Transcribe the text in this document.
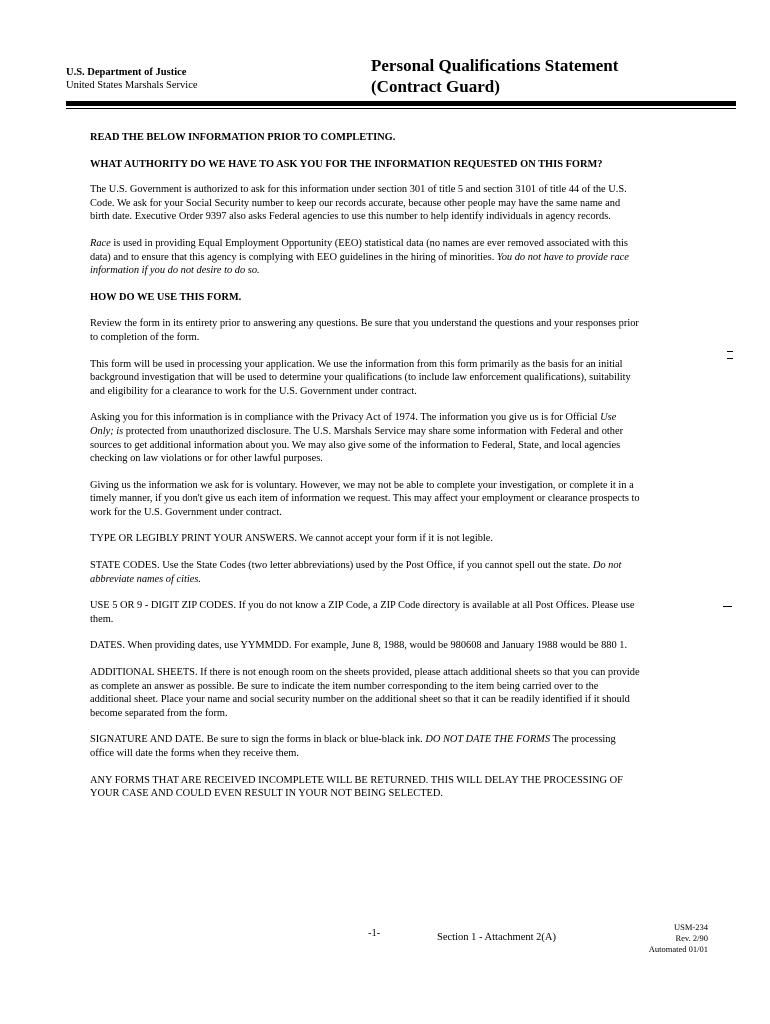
U.S. Department of Justice
United States Marshals Service
Personal Qualifications Statement
(Contract Guard)

READ THE BELOW INFORMATION PRIOR TO COMPLETING.

WHAT AUTHORITY DO WE HAVE TO ASK YOU FOR THE INFORMATION REQUESTED ON THIS FORM?

The U.S. Government is authorized to ask for this information under section 301 of title 5 and section 3101 of title 44 of the U.S. Code. We ask for your Social Security number to keep our records accurate, because other people may have the same name and birth date. Executive Order 9397 also asks Federal agencies to use this number to help identify individuals in agency records.

Race is used in providing Equal Employment Opportunity (EEO) statistical data (no names are ever removed associated with this data) and to ensure that this agency is complying with EEO guidelines in the hiring of minorities. You do not have to provide race information if you do not desire to do so.

HOW DO WE USE THIS FORM.

Review the form in its entirety prior to answering any questions. Be sure that you understand the questions and your responses prior to completion of the form.

This form will be used in processing your application. We use the information from this form primarily as the basis for an initial background investigation that will be used to determine your qualifications (to include law enforcement qualifications), suitability and eligibility for a clearance to work for the U.S. Government under contract.

Asking you for this information is in compliance with the Privacy Act of 1974. The information you give us is for Official Use Only; is protected from unauthorized disclosure. The U.S. Marshals Service may share some information with Federal and other sources to get additional information about you. We may also give some of the information to Federal, State, and local agencies checking on law violations or for other lawful purposes.

Giving us the information we ask for is voluntary. However, we may not be able to complete your investigation, or complete it in a timely manner, if you don't give us each item of information we request. This may affect your employment or clearance prospects to work for the U.S. Government under contract.

TYPE OR LEGIBLY PRINT YOUR ANSWERS. We cannot accept your form if it is not legible.

STATE CODES. Use the State Codes (two letter abbreviations) used by the Post Office, if you cannot spell out the state. Do not abbreviate names of cities.

USE 5 OR 9 - DIGIT ZIP CODES. If you do not know a ZIP Code, a ZIP Code directory is available at all Post Offices. Please use them.

DATES. When providing dates, use YYMMDD. For example, June 8, 1988, would be 980608 and January 1988 would be 880 1.

ADDITIONAL SHEETS. If there is not enough room on the sheets provided, please attach additional sheets so that you can provide as complete an answer as possible. Be sure to indicate the item number corresponding to the item being carried over to the additional sheet. Place your name and social security number on the additional sheet so that it can be readily identified if it should become separated from the form.

SIGNATURE AND DATE. Be sure to sign the forms in black or blue-black ink. DO NOT DATE THE FORMS The processing office will date the forms when they receive them.

ANY FORMS THAT ARE RECEIVED INCOMPLETE WILL BE RETURNED. THIS WILL DELAY THE PROCESSING OF YOUR CASE AND COULD EVEN RESULT IN YOUR NOT BEING SELECTED.

-1-	Section 1 - Attachment 2(A)
USM-234
Rev. 2/90
Automated 01/01
